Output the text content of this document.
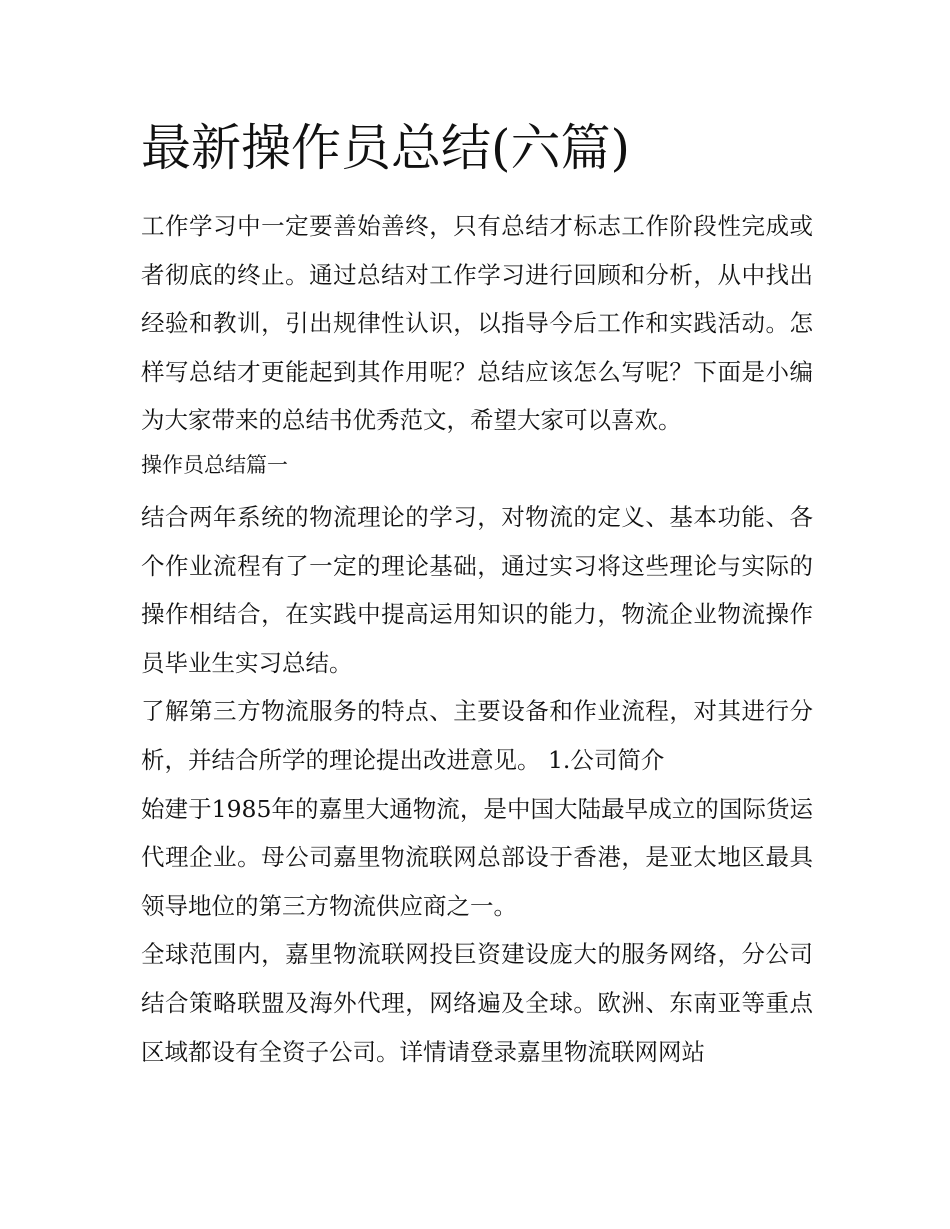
最新操作员总结(六篇)

工作学习中一定要善始善终，只有总结才标志工作阶段性完成或者彻底的终止。通过总结对工作学习进行回顾和分析，从中找出经验和教训，引出规律性认识，以指导今后工作和实践活动。怎样写总结才更能起到其作用呢？总结应该怎么写呢？下面是小编为大家带来的总结书优秀范文，希望大家可以喜欢。

操作员总结篇一

结合两年系统的物流理论的学习，对物流的定义、基本功能、各个作业流程有了一定的理论基础，通过实习将这些理论与实际的操作相结合，在实践中提高运用知识的能力，物流企业物流操作员毕业生实习总结。

了解第三方物流服务的特点、主要设备和作业流程，对其进行分析，并结合所学的理论提出改进意见。 1.公司简介

始建于1985年的嘉里大通物流，是中国大陆最早成立的国际货运代理企业。母公司嘉里物流联网总部设于香港，是亚太地区最具领导地位的第三方物流供应商之一。

全球范围内，嘉里物流联网投巨资建设庞大的服务网络，分公司结合策略联盟及海外代理，网络遍及全球。欧洲、东南亚等重点区域都设有全资子公司。详情请登录嘉里物流联网网站
